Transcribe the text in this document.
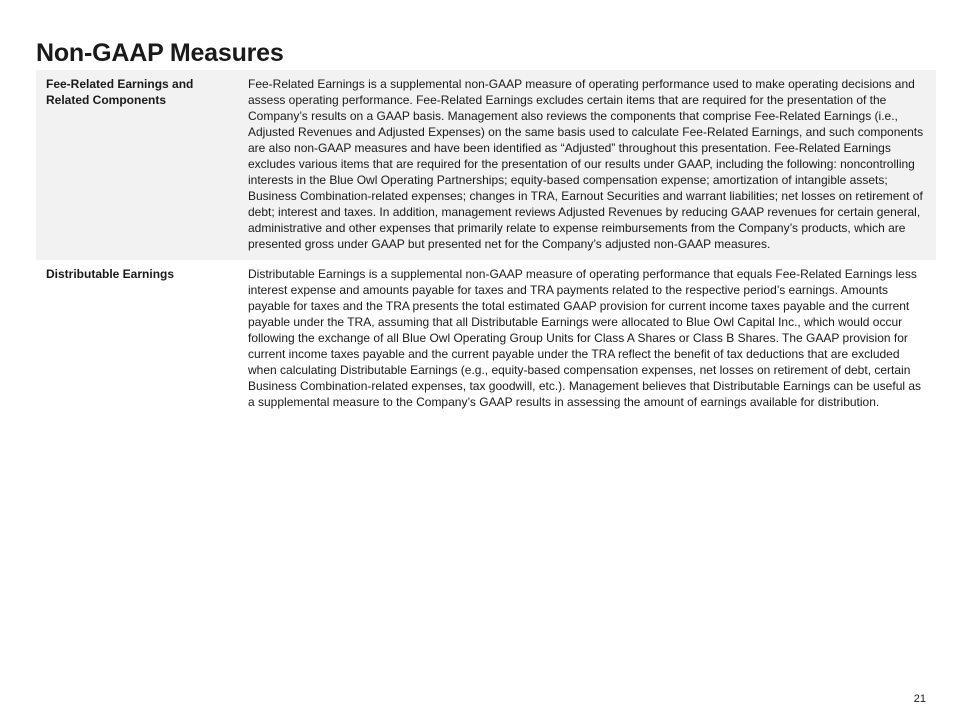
Non-GAAP Measures
Fee-Related Earnings and Related Components	Fee-Related Earnings is a supplemental non-GAAP measure of operating performance used to make operating decisions and assess operating performance. Fee-Related Earnings excludes certain items that are required for the presentation of the Company’s results on a GAAP basis. Management also reviews the components that comprise Fee-Related Earnings (i.e., Adjusted Revenues and Adjusted Expenses) on the same basis used to calculate Fee-Related Earnings, and such components are also non-GAAP measures and have been identified as “Adjusted” throughout this presentation. Fee-Related Earnings excludes various items that are required for the presentation of our results under GAAP, including the following: noncontrolling interests in the Blue Owl Operating Partnerships; equity-based compensation expense; amortization of intangible assets; Business Combination-related expenses; changes in TRA, Earnout Securities and warrant liabilities; net losses on retirement of debt; interest and taxes. In addition, management reviews Adjusted Revenues by reducing GAAP revenues for certain general, administrative and other expenses that primarily relate to expense reimbursements from the Company’s products, which are presented gross under GAAP but presented net for the Company’s adjusted non-GAAP measures.
Distributable Earnings	Distributable Earnings is a supplemental non-GAAP measure of operating performance that equals Fee-Related Earnings less interest expense and amounts payable for taxes and TRA payments related to the respective period’s earnings. Amounts payable for taxes and the TRA presents the total estimated GAAP provision for current income taxes payable and the current payable under the TRA, assuming that all Distributable Earnings were allocated to Blue Owl Capital Inc., which would occur following the exchange of all Blue Owl Operating Group Units for Class A Shares or Class B Shares. The GAAP provision for current income taxes payable and the current payable under the TRA reflect the benefit of tax deductions that are excluded when calculating Distributable Earnings (e.g., equity-based compensation expenses, net losses on retirement of debt, certain Business Combination-related expenses, tax goodwill, etc.). Management believes that Distributable Earnings can be useful as a supplemental measure to the Company’s GAAP results in assessing the amount of earnings available for distribution.
21
